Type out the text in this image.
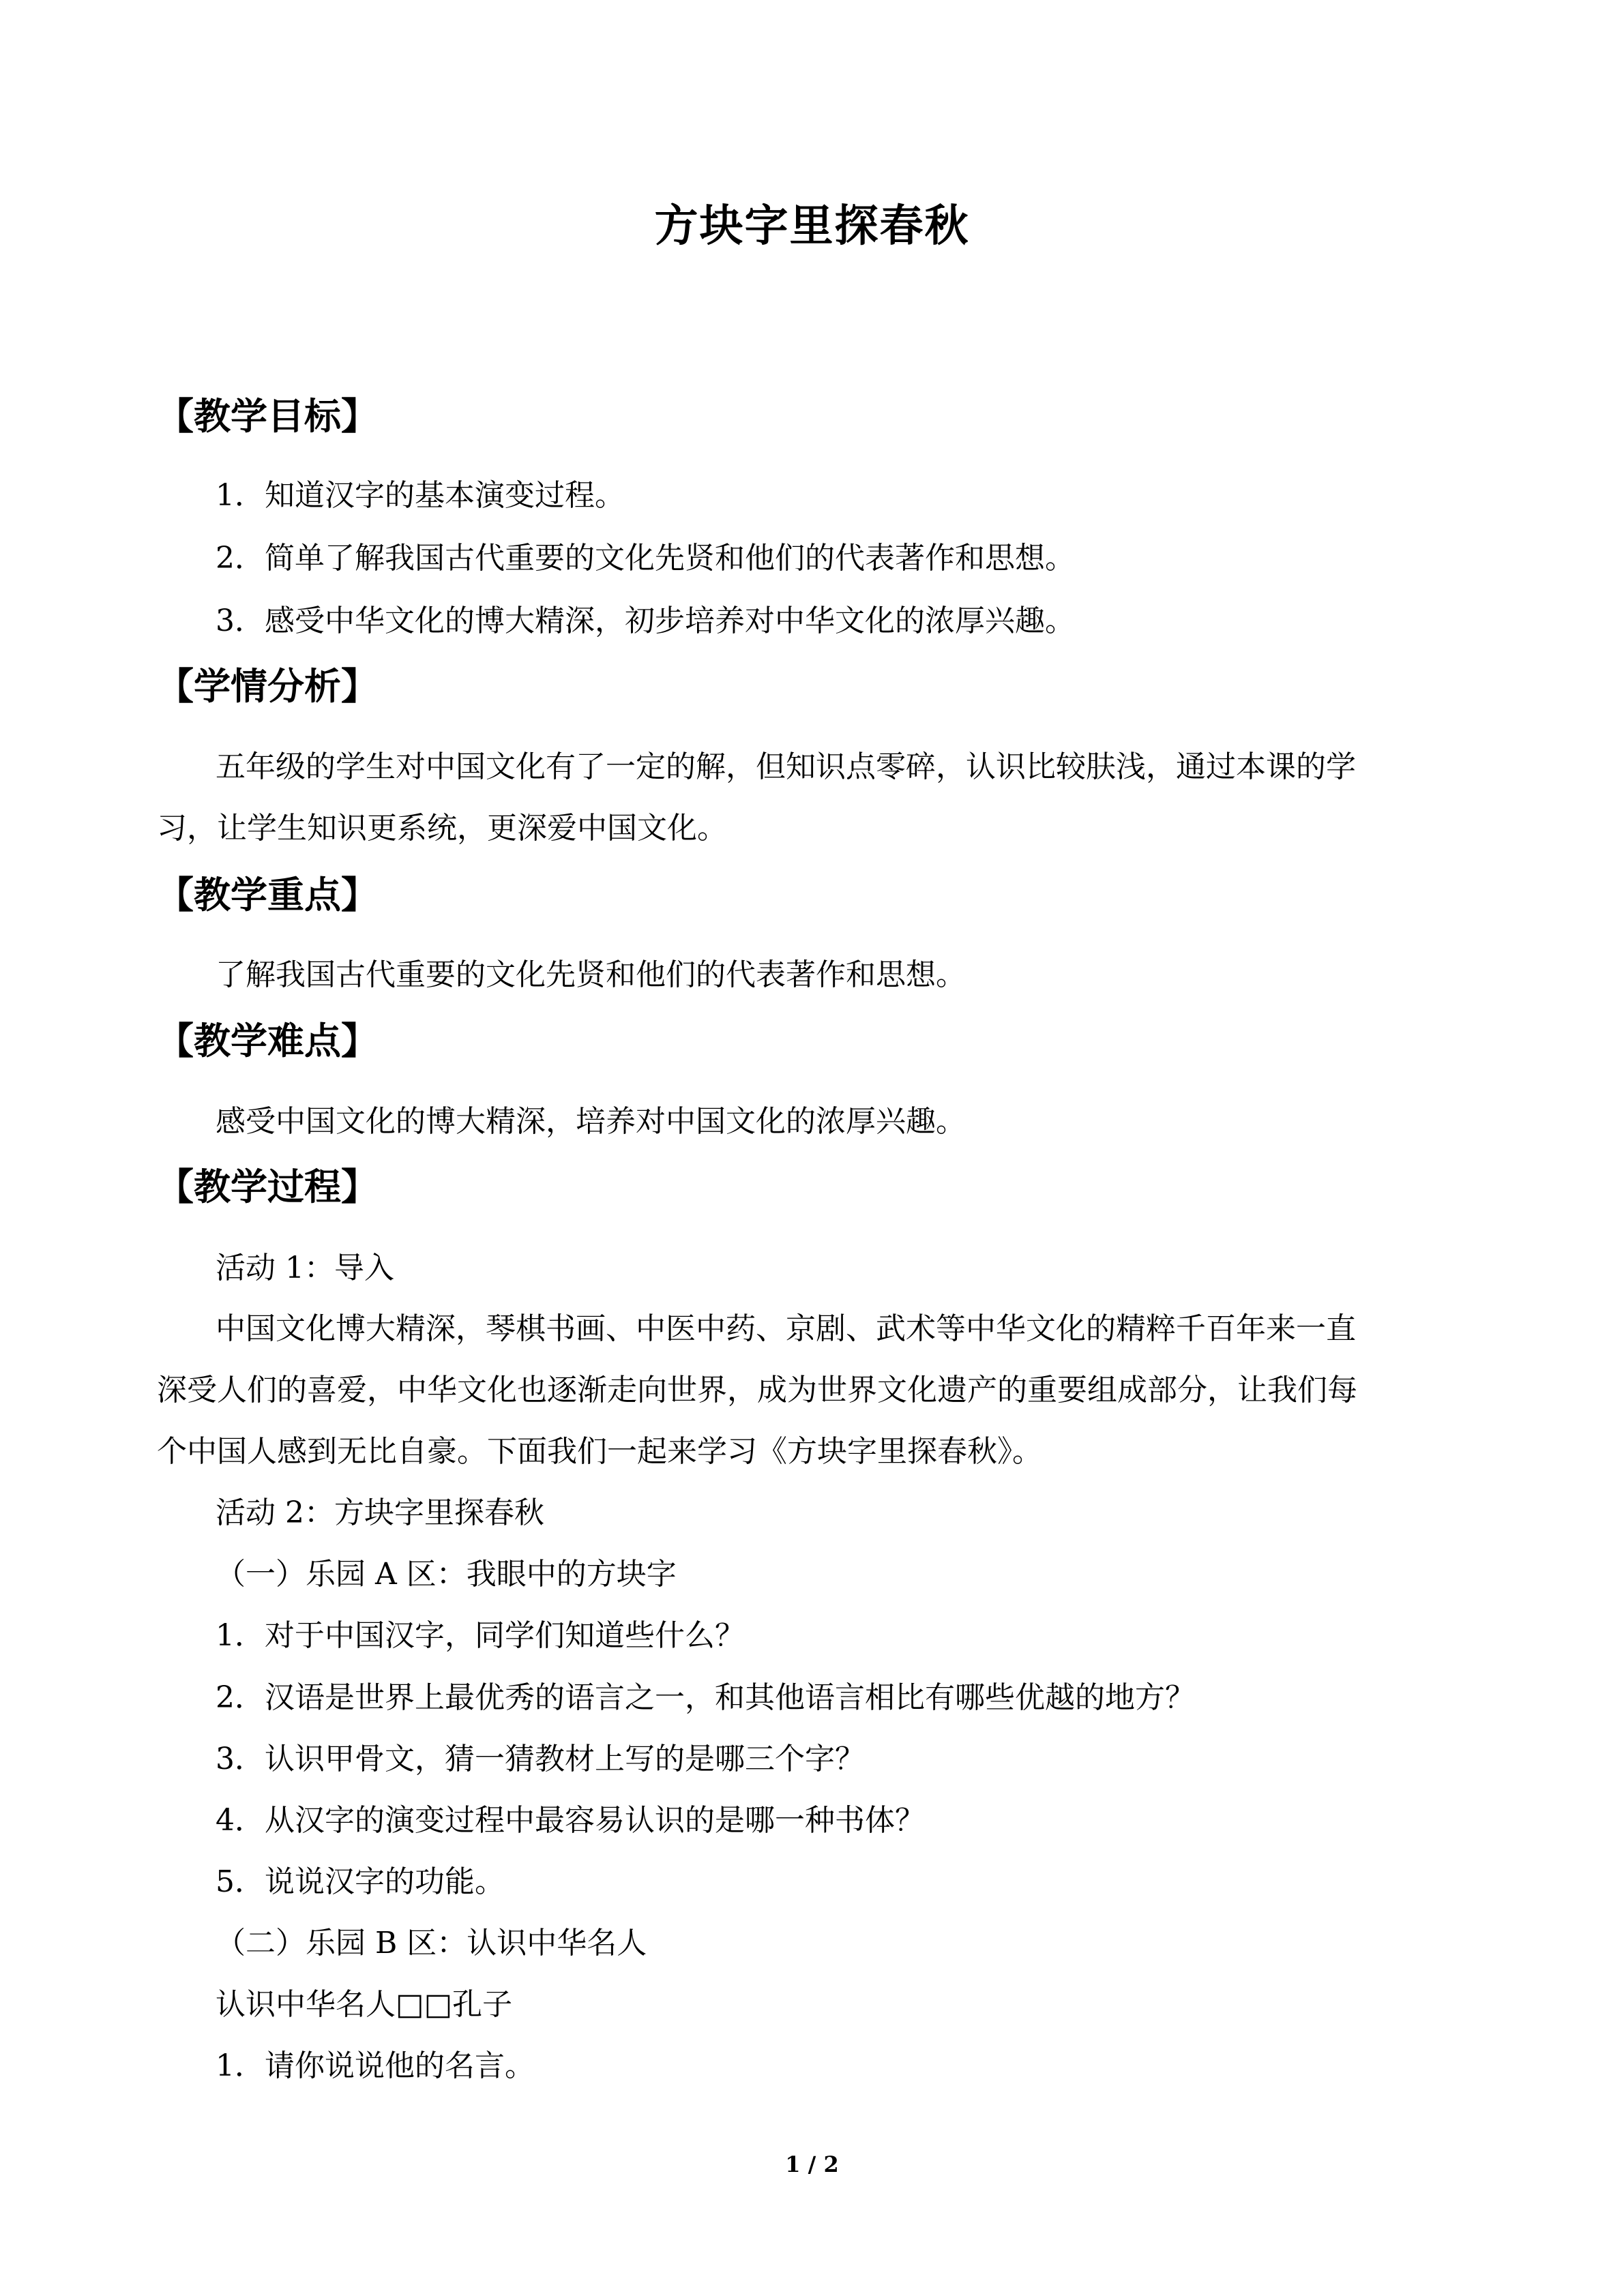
方块字里探春秋
【教学目标】
1．知道汉字的基本演变过程。
2．简单了解我国古代重要的文化先贤和他们的代表著作和思想。
3．感受中华文化的博大精深，初步培养对中华文化的浓厚兴趣。
【学情分析】
五年级的学生对中国文化有了一定的解，但知识点零碎，认识比较肤浅，通过本课的学
习，让学生知识更系统，更深爱中国文化。
【教学重点】
了解我国古代重要的文化先贤和他们的代表著作和思想。
【教学难点】
感受中国文化的博大精深，培养对中国文化的浓厚兴趣。
【教学过程】
活动 1：导入
中国文化博大精深，琴棋书画、中医中药、京剧、武术等中华文化的精粹千百年来一直
深受人们的喜爱，中华文化也逐渐走向世界，成为世界文化遗产的重要组成部分，让我们每
个中国人感到无比自豪。下面我们一起来学习《方块字里探春秋》。
活动 2：方块字里探春秋
（一）乐园 A 区：我眼中的方块字
1．对于中国汉字，同学们知道些什么？
2．汉语是世界上最优秀的语言之一，和其他语言相比有哪些优越的地方？
3．认识甲骨文，猜一猜教材上写的是哪三个字？
4．从汉字的演变过程中最容易认识的是哪一种书体？
5．说说汉字的功能。
（二）乐园 B 区：认识中华名人
认识中华名人□□孔子
1．请你说说他的名言。
1 / 2
